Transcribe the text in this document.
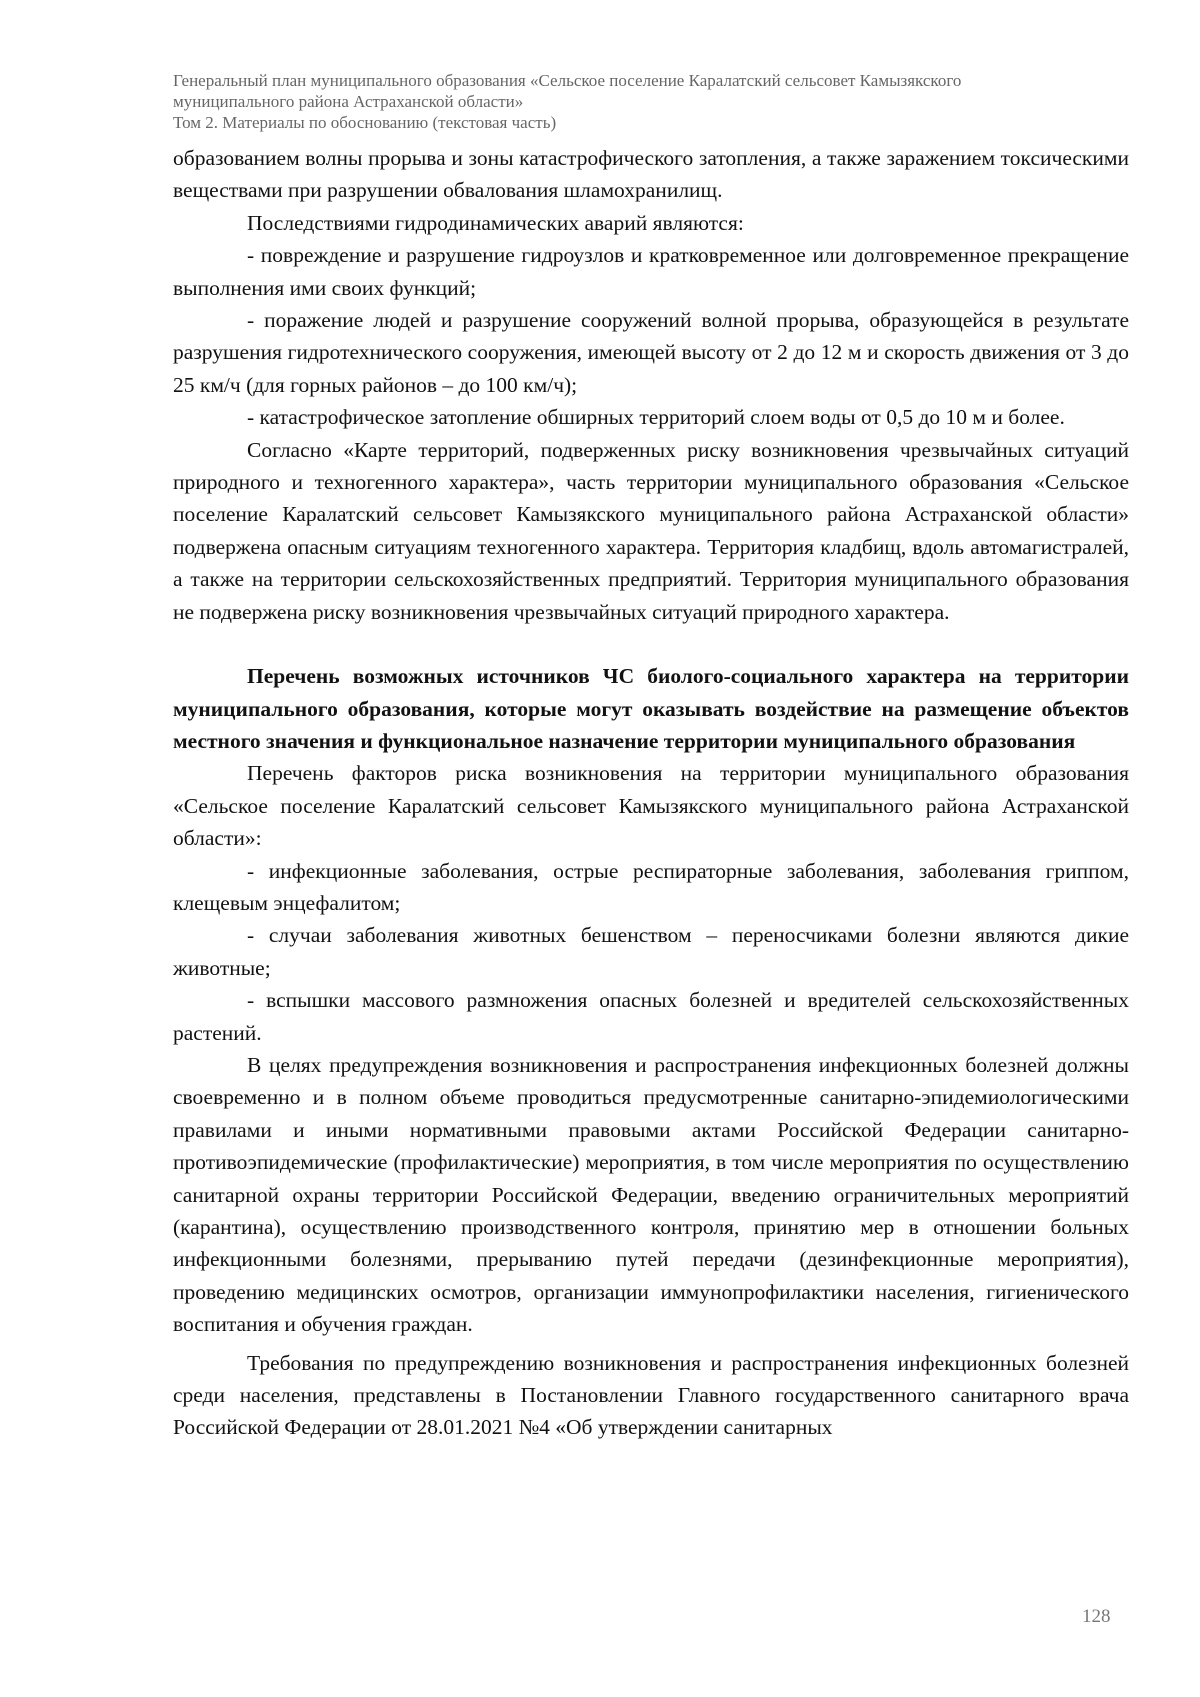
Генеральный план муниципального образования «Сельское поселение Каралатский сельсовет Камызякского
муниципального района Астраханской области»
Том 2. Материалы по обоснованию (текстовая часть)

образованием волны прорыва и зоны катастрофического затопления, а также заражением токсическими веществами при разрушении обвалования шламохранилищ.

Последствиями гидродинамических аварий являются:

- повреждение и разрушение гидроузлов и кратковременное или долговременное прекращение выполнения ими своих функций;

- поражение людей и разрушение сооружений волной прорыва, образующейся в результате разрушения гидротехнического сооружения, имеющей высоту от 2 до 12 м и скорость движения от 3 до 25 км/ч (для горных районов – до 100 км/ч);

- катастрофическое затопление обширных территорий слоем воды от 0,5 до 10 м и более.

Согласно «Карте территорий, подверженных риску возникновения чрезвычайных ситуаций природного и техногенного характера», часть территории муниципального образования «Сельское поселение Каралатский сельсовет Камызякского муниципального района Астраханской области» подвержена опасным ситуациям техногенного характера. Территория кладбищ, вдоль автомагистралей, а также на территории сельскохозяйственных предприятий. Территория муниципального образования не подвержена риску возникновения чрезвычайных ситуаций природного характера.

Перечень возможных источников ЧС биолого-социального характера на территории муниципального образования, которые могут оказывать воздействие на размещение объектов местного значения и функциональное назначение территории муниципального образования

Перечень факторов риска возникновения на территории муниципального образования «Сельское поселение Каралатский сельсовет Камызякского муниципального района Астраханской области»:

- инфекционные заболевания, острые респираторные заболевания, заболевания гриппом, клещевым энцефалитом;

- случаи заболевания животных бешенством – переносчиками болезни являются дикие животные;

- вспышки массового размножения опасных болезней и вредителей сельскохозяйственных растений.

В целях предупреждения возникновения и распространения инфекционных болезней должны своевременно и в полном объеме проводиться предусмотренные санитарно-эпидемиологическими правилами и иными нормативными правовыми актами Российской Федерации санитарно-противоэпидемические (профилактические) мероприятия, в том числе мероприятия по осуществлению санитарной охраны территории Российской Федерации, введению ограничительных мероприятий (карантина), осуществлению производственного контроля, принятию мер в отношении больных инфекционными болезнями, прерыванию путей передачи (дезинфекционные мероприятия), проведению медицинских осмотров, организации иммунопрофилактики населения, гигиенического воспитания и обучения граждан.

Требования по предупреждению возникновения и распространения инфекционных болезней среди населения, представлены в Постановлении Главного государственного санитарного врача Российской Федерации от 28.01.2021 №4 «Об утверждении санитарных

128
